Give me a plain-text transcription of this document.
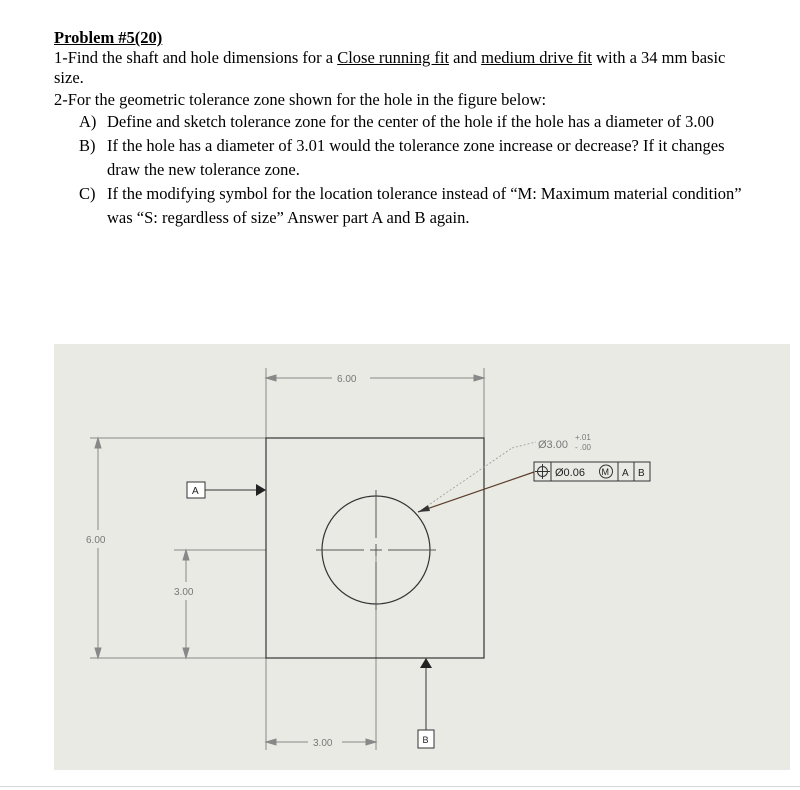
Problem #5(20)
1-Find the shaft and hole dimensions for a Close running fit and medium drive fit with a 34 mm basic size.
2-For the geometric tolerance zone shown for the hole in the figure below:
A) Define and sketch tolerance zone for the center of the hole if the hole has a diameter of 3.00
B) If the hole has a diameter of 3.01 would the tolerance zone increase or decrease? If it changes draw the new tolerance zone.
C) If the modifying symbol for the location tolerance instead of “M: Maximum material condition” was “S: regardless of size” Answer part A and B again.
6.00
6.00
3.00
3.00
Ø3.00
+.01
- .00
Ø0.06 M A B
A
B
